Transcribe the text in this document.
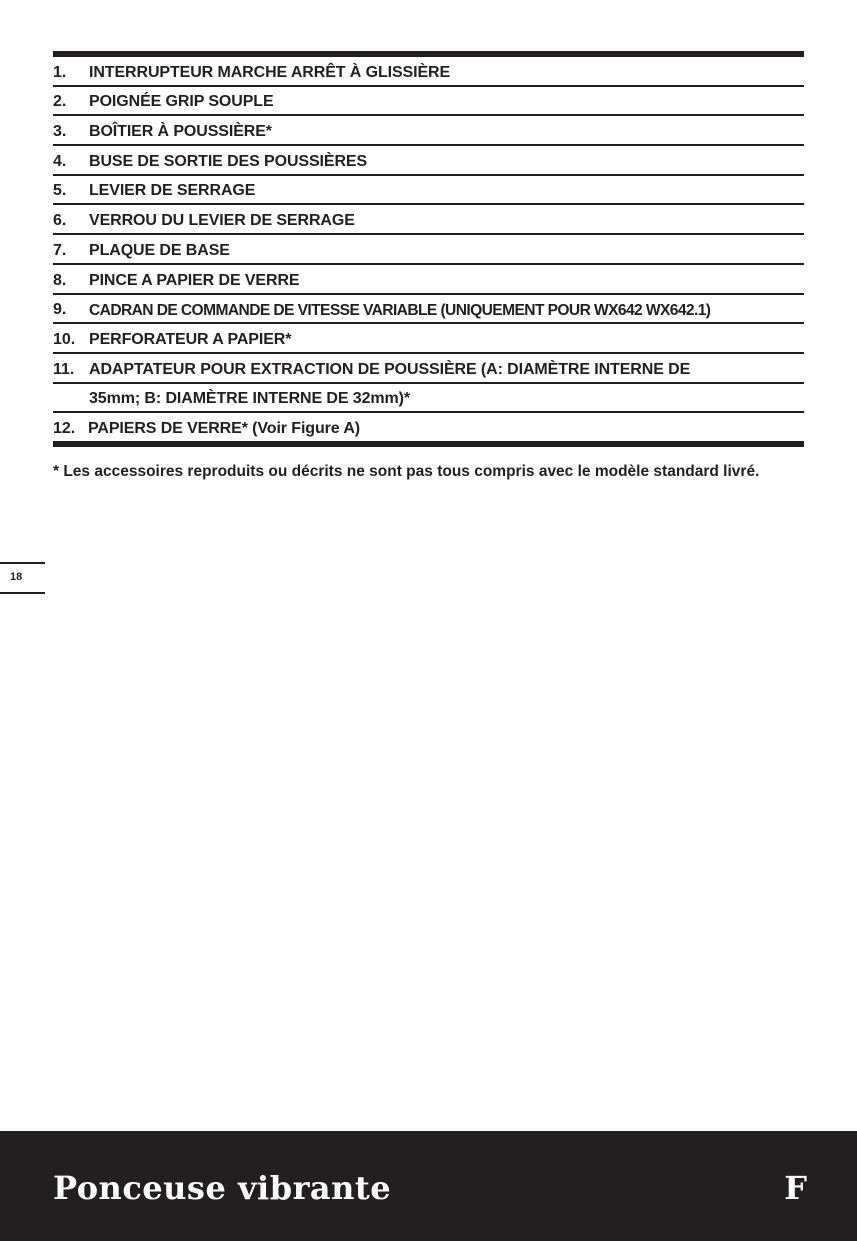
1. INTERRUPTEUR MARCHE ARRÊT À GLISSIÈRE
2. POIGNÉE GRIP SOUPLE
3. BOÎTIER À POUSSIÈRE*
4. BUSE DE SORTIE DES POUSSIÈRES
5. LEVIER DE SERRAGE
6. VERROU DU LEVIER DE SERRAGE
7. PLAQUE DE BASE
8. PINCE A PAPIER DE VERRE
9. CADRAN DE COMMANDE DE VITESSE VARIABLE (UNIQUEMENT POUR WX642 WX642.1)
10. PERFORATEUR A PAPIER*
11. ADAPTATEUR POUR EXTRACTION DE POUSSIÈRE (A: DIAMÈTRE INTERNE DE
35mm; B: DIAMÈTRE INTERNE DE 32mm)*
12. PAPIERS DE VERRE* (Voir Figure A)
* Les accessoires reproduits ou décrits ne sont pas tous compris avec le modèle standard livré.
18
Ponceuse vibrante	F
